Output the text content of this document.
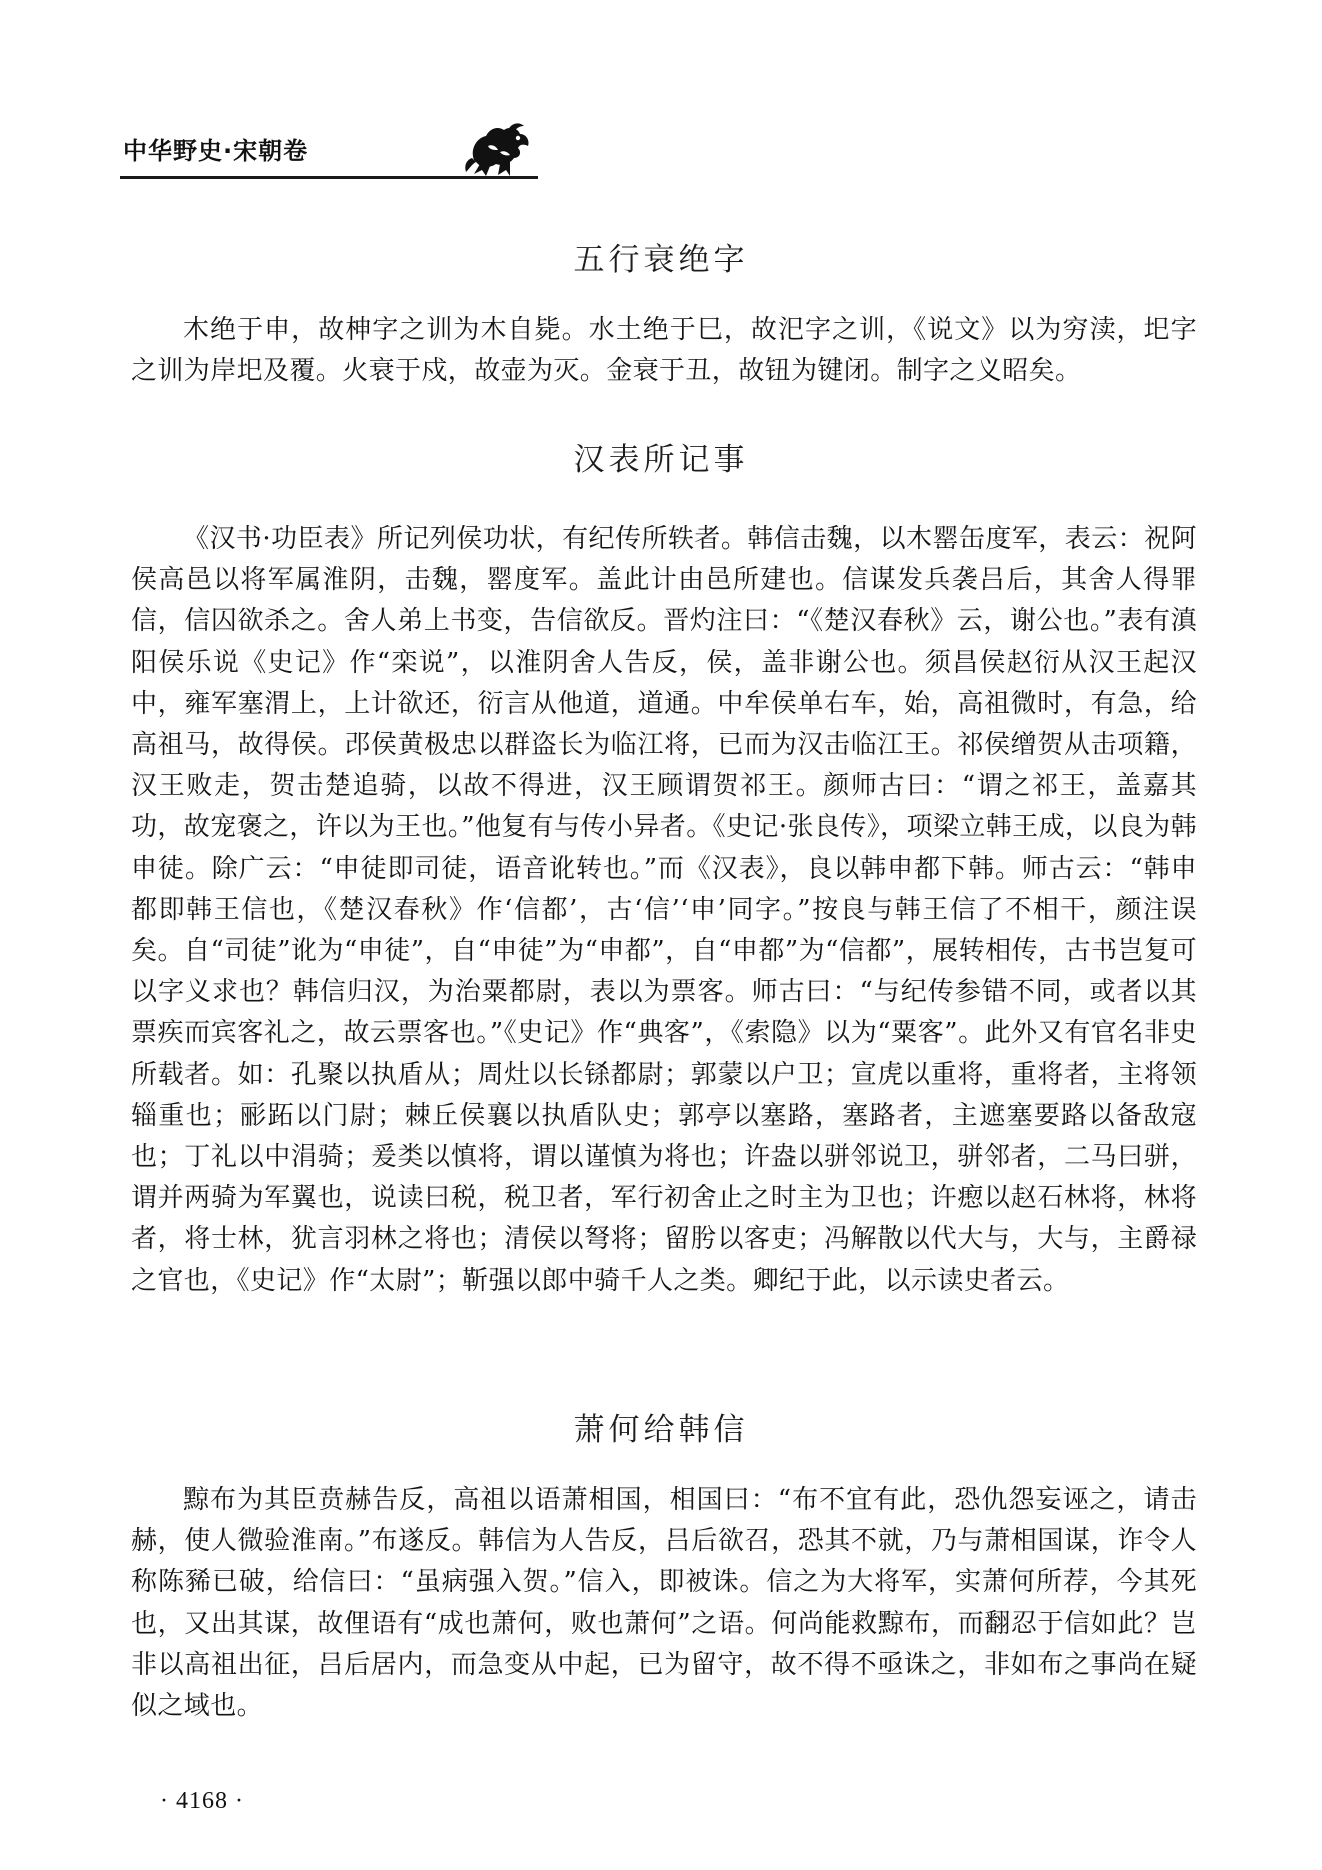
中华野史·宋朝卷
五行衰绝字

木绝于申，故柛字之训为木自毙。水土绝于巳，故汜字之训，《说文》以为穷渎，圯字之训为岸圯及覆。火衰于戍，故壶为灭。金衰于丑，故钮为键闭。制字之义昭矣。

汉表所记事

《汉书·功臣表》所记列侯功状，有纪传所轶者。韩信击魏，以木罂缶度军，表云：祝阿侯高邑以将军属淮阴，击魏，罂度军。盖此计由邑所建也。信谋发兵袭吕后，其舍人得罪信，信囚欲杀之。舍人弟上书变，告信欲反。晋灼注曰：“《楚汉春秋》云，谢公也。”表有滇阳侯乐说《史记》作“栾说”，以淮阴舍人告反，侯，盖非谢公也。须昌侯赵衍从汉王起汉中，雍军塞渭上，上计欲还，衍言从他道，道通。中牟侯单右车，始，高祖微时，有急，给高祖马，故得侯。邔侯黄极忠以群盗长为临江将，已而为汉击临江王。祁侯缯贺从击项籍，汉王败走，贺击楚追骑，以故不得进，汉王顾谓贺祁王。颜师古曰：“谓之祁王，盖嘉其功，故宠褒之，许以为王也。”他复有与传小异者。《史记·张良传》，项梁立韩王成，以良为韩申徒。除广云：“申徒即司徒，语音讹转也。”而《汉表》，良以韩申都下韩。师古云：“韩申都即韩王信也，《楚汉春秋》作‘信都’，古‘信’‘申’同字。”按良与韩王信了不相干，颜注误矣。自“司徒”讹为“申徒”，自“申徒”为“申都”，自“申都”为“信都”，展转相传，古书岂复可以字义求也？韩信归汉，为治粟都尉，表以为票客。师古曰：“与纪传参错不同，或者以其票疾而宾客礼之，故云票客也。”《史记》作“典客”，《索隐》以为“粟客”。此外又有官名非史所载者。如：孔聚以执盾从；周灶以长铩都尉；郭蒙以户卫；宣虎以重将，重将者，主将领辎重也；彨跖以门尉；棘丘侯襄以执盾队史；郭亭以塞路，塞路者，主遮塞要路以备敌寇也；丁礼以中涓骑；爰类以慎将，谓以谨慎为将也；许盎以骈邻说卫，骈邻者，二马曰骈，谓并两骑为军翼也，说读曰税，税卫者，军行初舍止之时主为卫也；许瘛以赵石林将，林将者，将士林，犹言羽林之将也；清侯以弩将；留肹以客吏；冯解散以代大与，大与，主爵禄之官也，《史记》作“太尉”；靳强以郎中骑千人之类。卿纪于此，以示读史者云。

萧何给韩信

黥布为其臣贲赫告反，高祖以语萧相国，相国曰：“布不宜有此，恐仇怨妄诬之，请击赫，使人微验淮南。”布遂反。韩信为人告反，吕后欲召，恐其不就，乃与萧相国谋，诈令人称陈豨已破，给信曰：“虽病强入贺。”信入，即被诛。信之为大将军，实萧何所荐，今其死也，又出其谋，故俚语有“成也萧何，败也萧何”之语。何尚能救黥布，而翻忍于信如此？岂非以高祖出征，吕后居内，而急变从中起，已为留守，故不得不亟诛之，非如布之事尚在疑似之域也。

· 4168 ·
